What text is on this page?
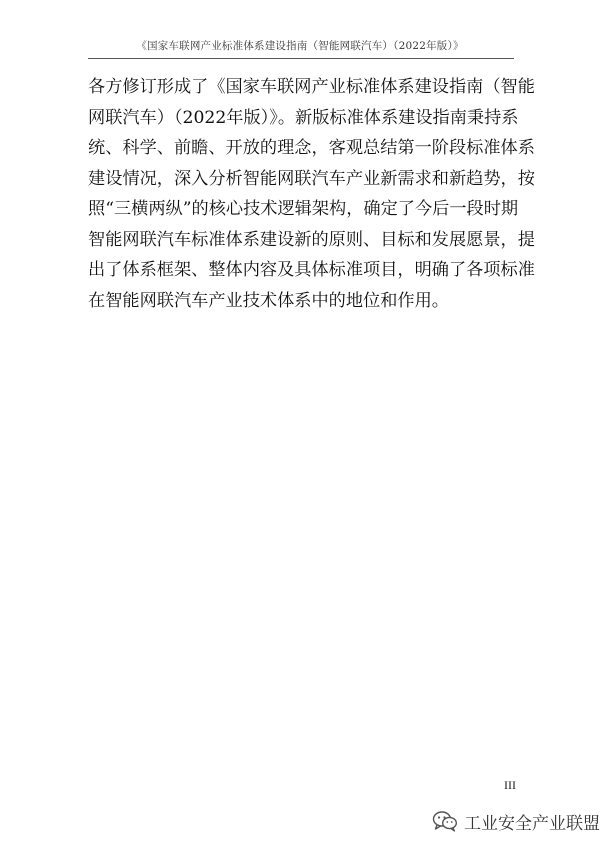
《国家车联网产业标准体系建设指南（智能网联汽车）（2022年版）》
各方修订形成了《国家车联网产业标准体系建设指南（智能
网联汽车）（2022年版）》。新版标准体系建设指南秉持系
统、科学、前瞻、开放的理念，客观总结第一阶段标准体系
建设情况，深入分析智能网联汽车产业新需求和新趋势，按
照“三横两纵”的核心技术逻辑架构，确定了今后一段时期
智能网联汽车标准体系建设新的原则、目标和发展愿景，提
出了体系框架、整体内容及具体标准项目，明确了各项标准
在智能网联汽车产业技术体系中的地位和作用。
III
工业安全产业联盟
